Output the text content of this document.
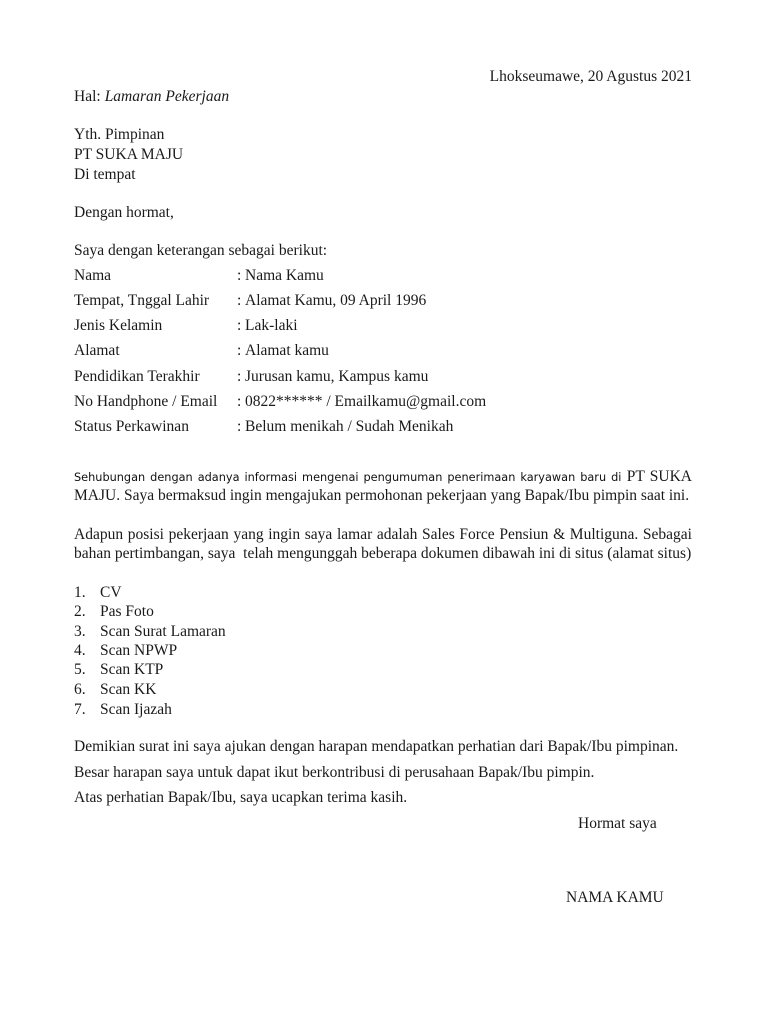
Lhokseumawe, 20 Agustus 2021
Hal: Lamaran Pekerjaan
Yth. Pimpinan
PT SUKA MAJU
Di tempat
Dengan hormat,
Saya dengan keterangan sebagai berikut:
Nama	: Nama Kamu
Tempat, Tnggal Lahir : Alamat Kamu, 09 April 1996
Jenis Kelamin	: Lak-laki
Alamat	: Alamat kamu
Pendidikan Terakhir : Jurusan kamu, Kampus kamu
No Handphone / Email : 0822****** / Emailkamu@gmail.com
Status Perkawinan	: Belum menikah / Sudah Menikah
Sehubungan dengan adanya informasi mengenai pengumuman penerimaan karyawan baru di PT SUKA
MAJU. Saya bermaksud ingin mengajukan permohonan pekerjaan yang Bapak/Ibu pimpin saat ini.
Adapun posisi pekerjaan yang ingin saya lamar adalah Sales Force Pensiun & Multiguna. Sebagai
bahan pertimbangan, saya  telah mengunggah beberapa dokumen dibawah ini di situs (alamat situs)
1. CV
2. Pas Foto
3. Scan Surat Lamaran
4. Scan NPWP
5. Scan KTP
6. Scan KK
7. Scan Ijazah
Demikian surat ini saya ajukan dengan harapan mendapatkan perhatian dari Bapak/Ibu pimpinan.
Besar harapan saya untuk dapat ikut berkontribusi di perusahaan Bapak/Ibu pimpin.
Atas perhatian Bapak/Ibu, saya ucapkan terima kasih.
Hormat saya
NAMA KAMU
